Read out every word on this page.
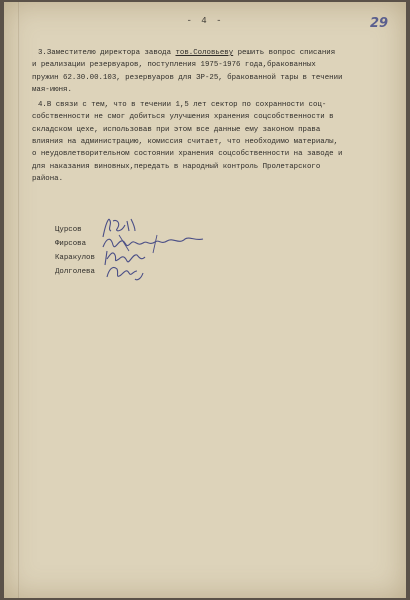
- 4 -	29
3.Заместителю директора завода тов.Соловьеву решить вопрос списания
и реализации резервуаров, поступления 1975-1976 года,бракованных
пружин 62.30.00.103, резервуаров для ЗР-25, бракованной тары в течении
мая-июня.
4.В связи с тем, что в течении 1,5 лет сектор по сохранности соц-
собственности не смог добиться улучшения хранения соцсобственности в
складском цехе, использовав при этом все данные ему законом права
влияния на администрацию, комиссия считает, что необходимо материалы,
о неудовлетворительном состоянии хранения соцсобственности на заводе и
для наказания виновных,передать в народный контроль Пролетарского
района.
Цурсов
Фирсова
Каракулов
Долголева
